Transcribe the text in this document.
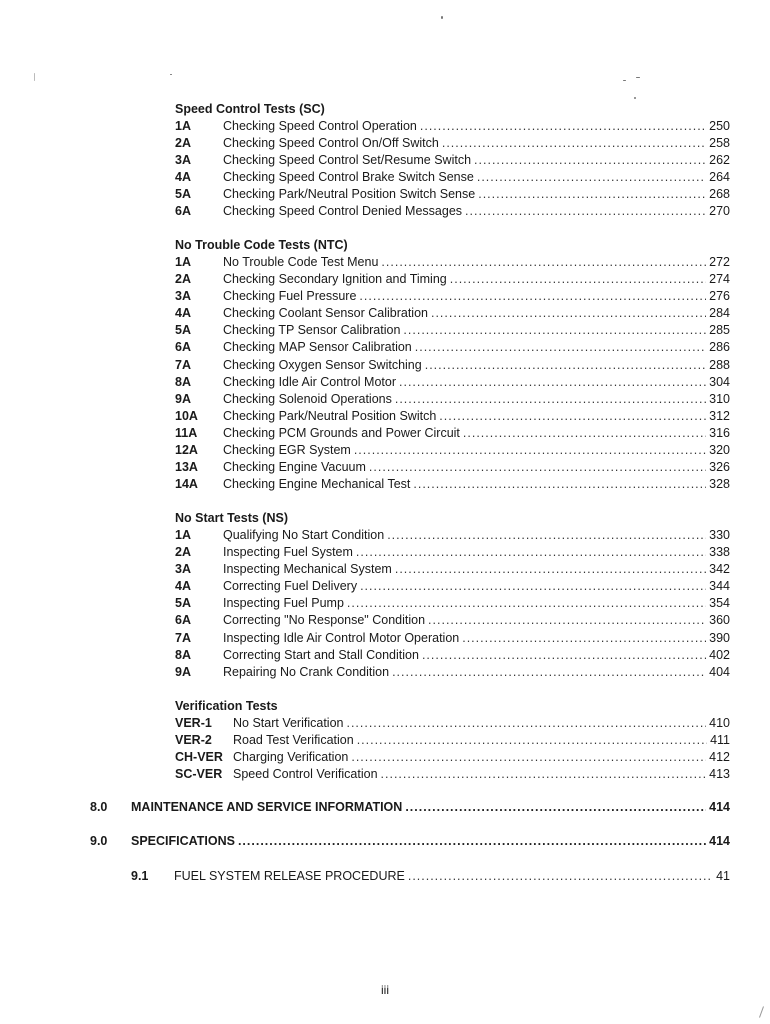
Speed Control Tests (SC)
1A	Checking Speed Control Operation .....	250
2A	Checking Speed Control On/Off Switch .....	258
3A	Checking Speed Control Set/Resume Switch .....	262
4A	Checking Speed Control Brake Switch Sense .....	264
5A	Checking Park/Neutral Position Switch Sense .....	268
6A	Checking Speed Control Denied Messages .....	270
No Trouble Code Tests (NTC)
1A	No Trouble Code Test Menu .....	272
2A	Checking Secondary Ignition and Timing .....	274
3A	Checking Fuel Pressure .....	276
4A	Checking Coolant Sensor Calibration .....	284
5A	Checking TP Sensor Calibration .....	285
6A	Checking MAP Sensor Calibration .....	286
7A	Checking Oxygen Sensor Switching .....	288
8A	Checking Idle Air Control Motor .....	304
9A	Checking Solenoid Operations .....	310
10A	Checking Park/Neutral Position Switch .....	312
11A	Checking PCM Grounds and Power Circuit .....	316
12A	Checking EGR System .....	320
13A	Checking Engine Vacuum .....	326
14A	Checking Engine Mechanical Test .....	328
No Start Tests (NS)
1A	Qualifying No Start Condition .....	330
2A	Inspecting Fuel System .....	338
3A	Inspecting Mechanical System .....	342
4A	Correcting Fuel Delivery .....	344
5A	Inspecting Fuel Pump .....	354
6A	Correcting "No Response" Condition .....	360
7A	Inspecting Idle Air Control Motor Operation .....	390
8A	Correcting Start and Stall Condition .....	402
9A	Repairing No Crank Condition .....	404
Verification Tests
VER-1	No Start Verification .....	410
VER-2	Road Test Verification .....	411
CH-VER Charging Verification .....	412
SC-VER Speed Control Verification .....	413
8.0	MAINTENANCE AND SERVICE INFORMATION .....	414
9.0	SPECIFICATIONS .....	414
9.1	FUEL SYSTEM RELEASE PROCEDURE .....	41
iii
